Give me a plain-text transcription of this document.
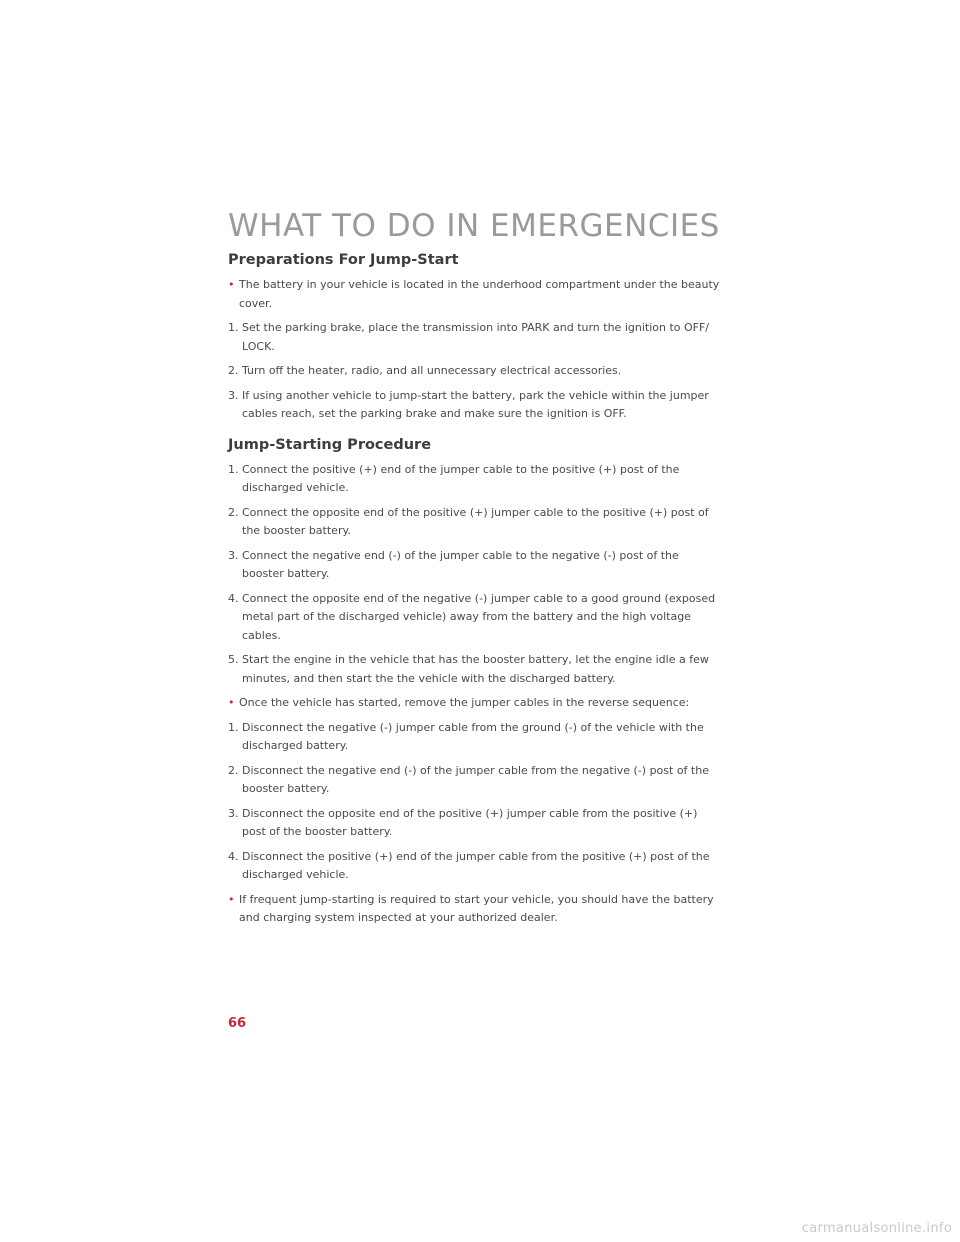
WHAT TO DO IN EMERGENCIES
Preparations For Jump-Start
• The battery in your vehicle is located in the underhood compartment under the beauty cover.
1. Set the parking brake, place the transmission into PARK and turn the ignition to OFF/ LOCK.
2. Turn off the heater, radio, and all unnecessary electrical accessories.
3. If using another vehicle to jump-start the battery, park the vehicle within the jumper cables reach, set the parking brake and make sure the ignition is OFF.
Jump-Starting Procedure
1. Connect the positive (+) end of the jumper cable to the positive (+) post of the discharged vehicle.
2. Connect the opposite end of the positive (+) jumper cable to the positive (+) post of the booster battery.
3. Connect the negative end (-) of the jumper cable to the negative (-) post of the booster battery.
4. Connect the opposite end of the negative (-) jumper cable to a good ground (exposed metal part of the discharged vehicle) away from the battery and the high voltage cables.
5. Start the engine in the vehicle that has the booster battery, let the engine idle a few minutes, and then start the the vehicle with the discharged battery.
• Once the vehicle has started, remove the jumper cables in the reverse sequence:
1. Disconnect the negative (-) jumper cable from the ground (-) of the vehicle with the discharged battery.
2. Disconnect the negative end (-) of the jumper cable from the negative (-) post of the booster battery.
3. Disconnect the opposite end of the positive (+) jumper cable from the positive (+) post of the booster battery.
4. Disconnect the positive (+) end of the jumper cable from the positive (+) post of the discharged vehicle.
• If frequent jump-starting is required to start your vehicle, you should have the battery and charging system inspected at your authorized dealer.
66
carmanualsonline.info
